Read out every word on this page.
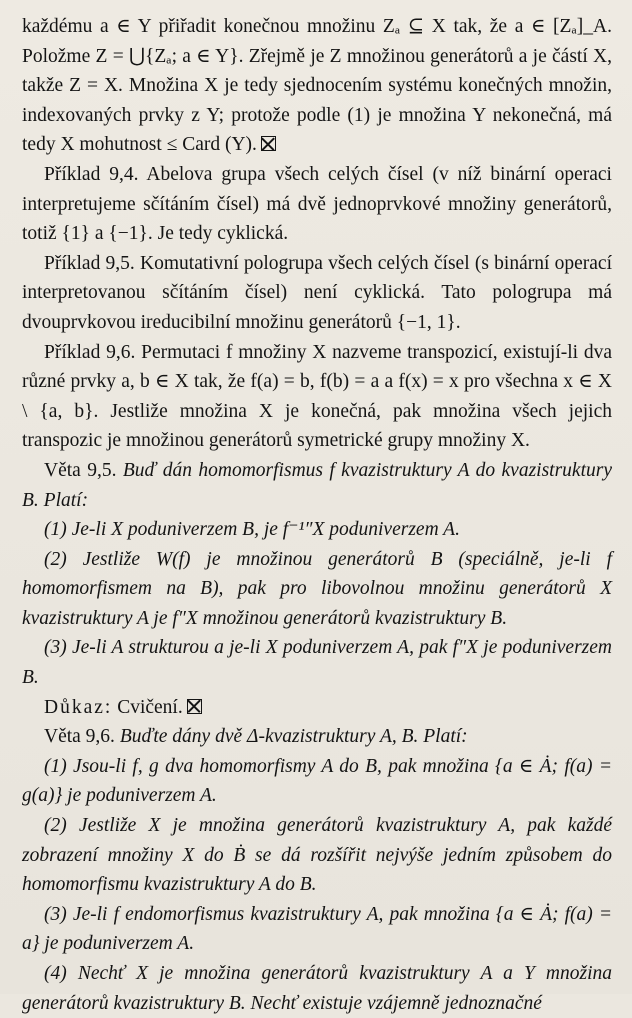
každému a ∈ Y přiřadit konečnou množinu Zₐ ⊆ X tak, že a ∈ [Zₐ]_A. Položme Z = ⋃{Zₐ; a ∈ Y}. Zřejmě je Z množinou generátorů a je částí X, takže Z = X. Množina X je tedy sjednocením systému konečných množin, indexovaných prvky z Y; protože podle (1) je množina Y nekonečná, má tedy X mohutnost ≤ Card (Y).

Příklad 9,4. Abelova grupa všech celých čísel (v níž binární operaci interpretujeme sčítáním čísel) má dvě jednoprvkové množiny generátorů, totiž {1} a {−1}. Je tedy cyklická.

Příklad 9,5. Komutativní pologrupa všech celých čísel (s binární operací interpretovanou sčítáním čísel) není cyklická. Tato pologrupa má dvouprvkovou ireducibilní množinu generátorů {−1, 1}.

Příklad 9,6. Permutaci f množiny X nazveme transpozicí, existují-li dva různé prvky a, b ∈ X tak, že f(a) = b, f(b) = a a f(x) = x pro všechna x ∈ X \ {a, b}. Jestliže množina X je konečná, pak množina všech jejich transpozic je množinou generátorů symetrické grupy množiny X.

Věta 9,5. Buď dán homomorfismus f kvazistruktury A do kvazistruktury B. Platí:

(1) Je-li X poduniverzem B, je f⁻¹″X poduniverzem A.

(2) Jestliže W(f) je množinou generátorů B (speciálně, je-li f homomorfismem na B), pak pro libovolnou množinu generátorů X kvazistruktury A je f″X množinou generátorů kvazistruktury B.

(3) Je-li A strukturou a je-li X poduniverzem A, pak f″X je poduniverzem B.

Důkaz: Cvičení.

Věta 9,6. Buďte dány dvě Δ-kvazistruktury A, B. Platí:

(1) Jsou-li f, g dva homomorfismy A do B, pak množina {a ∈ Ȧ; f(a) = g(a)} je poduniverzem A.

(2) Jestliže X je množina generátorů kvazistruktury A, pak každé zobrazení množiny X do Ḃ se dá rozšířit nejvýše jedním způsobem do homomorfismu kvazistruktury A do B.

(3) Je-li f endomorfismus kvazistruktury A, pak množina {a ∈ Ȧ; f(a) = a} je poduniverzem A.

(4) Nechť X je množina generátorů kvazistruktury A a Y množina generátorů kvazistruktury B. Nechť existuje vzájemně jednoznačné
